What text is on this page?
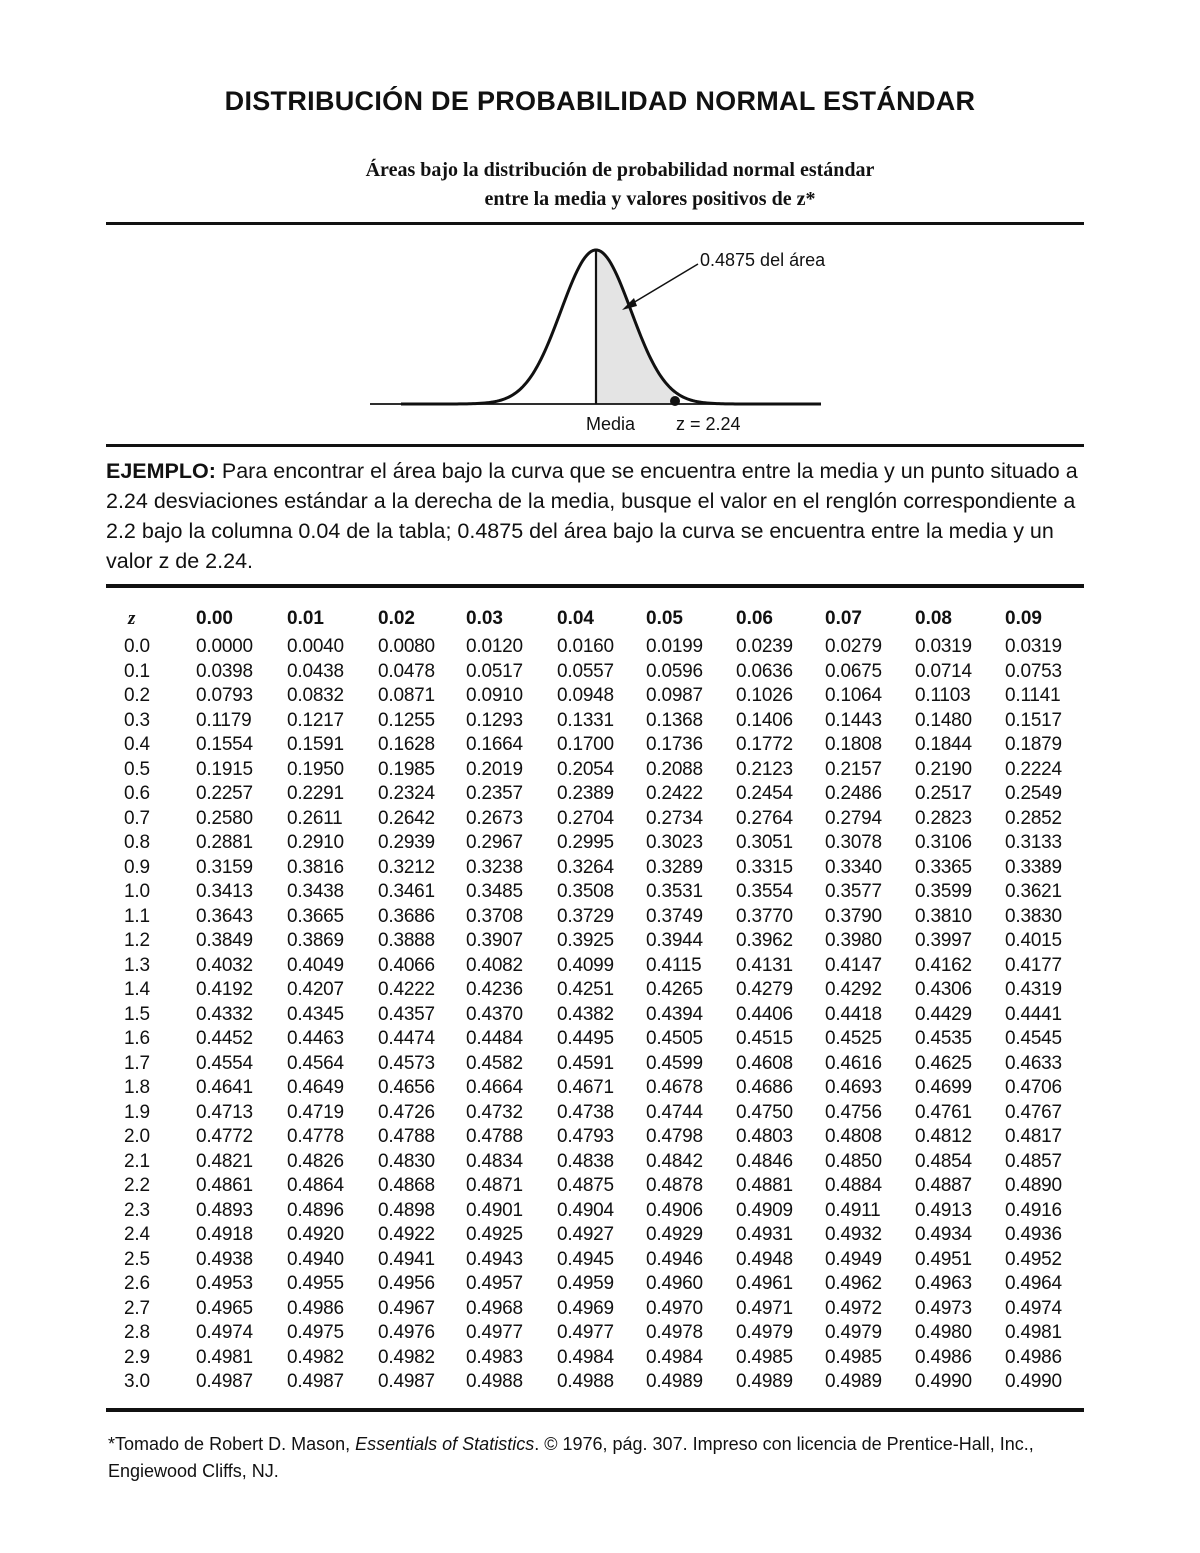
DISTRIBUCIÓN DE PROBABILIDAD NORMAL ESTÁNDAR
Áreas bajo la distribución de probabilidad normal estándar
entre la media y valores positivos de z*
0.4875 del área
Media z = 2.24
EJEMPLO: Para encontrar el área bajo la curva que se encuentra entre la media y un punto situado a 2.24 desviaciones estándar a la derecha de la media, busque el valor en el renglón correspondiente a 2.2 bajo la columna 0.04 de la tabla; 0.4875 del área bajo la curva se encuentra entre la media y un valor z de 2.24.
z	0.00	0.01	0.02	0.03	0.04	0.05	0.06	0.07	0.08	0.09
0.0	0.0000	0.0040	0.0080	0.0120	0.0160	0.0199	0.0239	0.0279	0.0319	0.0319
0.1	0.0398	0.0438	0.0478	0.0517	0.0557	0.0596	0.0636	0.0675	0.0714	0.0753
0.2	0.0793	0.0832	0.0871	0.0910	0.0948	0.0987	0.1026	0.1064	0.1103	0.1141
0.3	0.1179	0.1217	0.1255	0.1293	0.1331	0.1368	0.1406	0.1443	0.1480	0.1517
0.4	0.1554	0.1591	0.1628	0.1664	0.1700	0.1736	0.1772	0.1808	0.1844	0.1879
0.5	0.1915	0.1950	0.1985	0.2019	0.2054	0.2088	0.2123	0.2157	0.2190	0.2224
0.6	0.2257	0.2291	0.2324	0.2357	0.2389	0.2422	0.2454	0.2486	0.2517	0.2549
0.7	0.2580	0.2611	0.2642	0.2673	0.2704	0.2734	0.2764	0.2794	0.2823	0.2852
0.8	0.2881	0.2910	0.2939	0.2967	0.2995	0.3023	0.3051	0.3078	0.3106	0.3133
0.9	0.3159	0.3816	0.3212	0.3238	0.3264	0.3289	0.3315	0.3340	0.3365	0.3389
1.0	0.3413	0.3438	0.3461	0.3485	0.3508	0.3531	0.3554	0.3577	0.3599	0.3621
1.1	0.3643	0.3665	0.3686	0.3708	0.3729	0.3749	0.3770	0.3790	0.3810	0.3830
1.2	0.3849	0.3869	0.3888	0.3907	0.3925	0.3944	0.3962	0.3980	0.3997	0.4015
1.3	0.4032	0.4049	0.4066	0.4082	0.4099	0.4115	0.4131	0.4147	0.4162	0.4177
1.4	0.4192	0.4207	0.4222	0.4236	0.4251	0.4265	0.4279	0.4292	0.4306	0.4319
1.5	0.4332	0.4345	0.4357	0.4370	0.4382	0.4394	0.4406	0.4418	0.4429	0.4441
1.6	0.4452	0.4463	0.4474	0.4484	0.4495	0.4505	0.4515	0.4525	0.4535	0.4545
1.7	0.4554	0.4564	0.4573	0.4582	0.4591	0.4599	0.4608	0.4616	0.4625	0.4633
1.8	0.4641	0.4649	0.4656	0.4664	0.4671	0.4678	0.4686	0.4693	0.4699	0.4706
1.9	0.4713	0.4719	0.4726	0.4732	0.4738	0.4744	0.4750	0.4756	0.4761	0.4767
2.0	0.4772	0.4778	0.4788	0.4788	0.4793	0.4798	0.4803	0.4808	0.4812	0.4817
2.1	0.4821	0.4826	0.4830	0.4834	0.4838	0.4842	0.4846	0.4850	0.4854	0.4857
2.2	0.4861	0.4864	0.4868	0.4871	0.4875	0.4878	0.4881	0.4884	0.4887	0.4890
2.3	0.4893	0.4896	0.4898	0.4901	0.4904	0.4906	0.4909	0.4911	0.4913	0.4916
2.4	0.4918	0.4920	0.4922	0.4925	0.4927	0.4929	0.4931	0.4932	0.4934	0.4936
2.5	0.4938	0.4940	0.4941	0.4943	0.4945	0.4946	0.4948	0.4949	0.4951	0.4952
2.6	0.4953	0.4955	0.4956	0.4957	0.4959	0.4960	0.4961	0.4962	0.4963	0.4964
2.7	0.4965	0.4986	0.4967	0.4968	0.4969	0.4970	0.4971	0.4972	0.4973	0.4974
2.8	0.4974	0.4975	0.4976	0.4977	0.4977	0.4978	0.4979	0.4979	0.4980	0.4981
2.9	0.4981	0.4982	0.4982	0.4983	0.4984	0.4984	0.4985	0.4985	0.4986	0.4986
3.0	0.4987	0.4987	0.4987	0.4988	0.4988	0.4989	0.4989	0.4989	0.4990	0.4990
*Tomado de Robert D. Mason, Essentials of Statistics. © 1976, pág. 307. Impreso con licencia de Prentice-Hall, Inc., Engiewood Cliffs, NJ.
